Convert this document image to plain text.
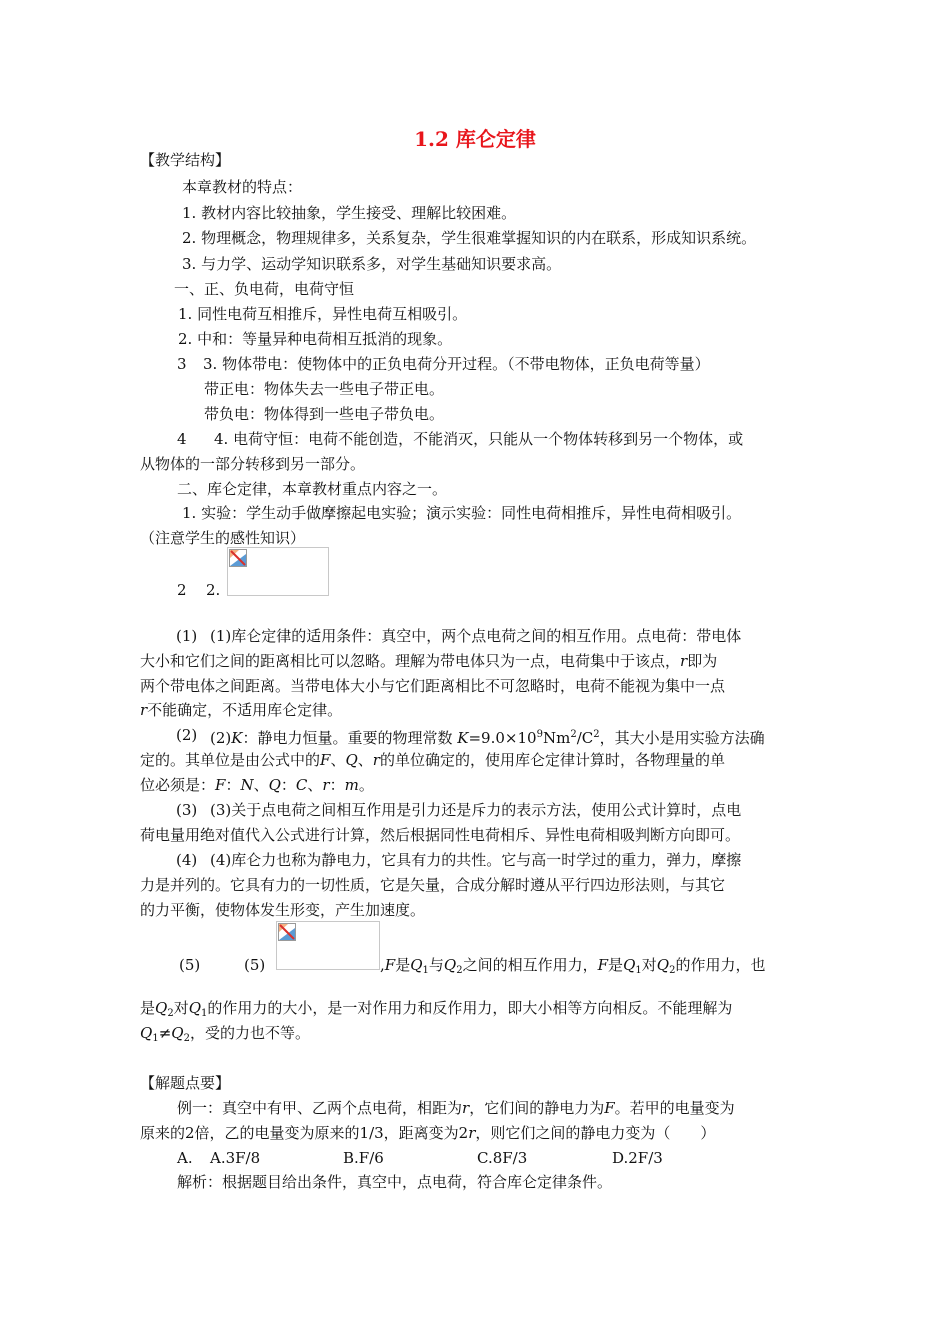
1.2 库仑定律
【教学结构】
本章教材的特点：
1. 教材内容比较抽象，学生接受、理解比较困难。
2. 物理概念，物理规律多，关系复杂，学生很难掌握知识的内在联系，形成知识系统。
3. 与力学、运动学知识联系多，对学生基础知识要求高。
一、正、负电荷，电荷守恒
1. 同性电荷互相推斥，异性电荷互相吸引。
2. 中和：等量异种电荷相互抵消的现象。
3 3. 物体带电：使物体中的正负电荷分开过程。（不带电物体，正负电荷等量）
带正电：物体失去一些电子带正电。
带负电：物体得到一些电子带负电。
4 4. 电荷守恒：电荷不能创造，不能消灭，只能从一个物体转移到另一个物体，或
从物体的一部分转移到另一部分。
二、库仑定律，本章教材重点内容之一。
1. 实验：学生动手做摩擦起电实验；演示实验：同性电荷相推斥，异性电荷相吸引。
（注意学生的感性知识）
2 2.
(1) (1)库仑定律的适用条件：真空中，两个点电荷之间的相互作用。点电荷：带电体
大小和它们之间的距离相比可以忽略。理解为带电体只为一点，电荷集中于该点，r即为
两个带电体之间距离。当带电体大小与它们距离相比不可忽略时，电荷不能视为集中一点
r不能确定，不适用库仑定律。
(2) (2)K：静电力恒量。重要的物理常数 $K=9.0\times 10^9Nm^2/C^2$，其大小是用实验方法确
定的。其单位是由公式中的F、Q、r的单位确定的，使用库仑定律计算时，各物理量的单
位必须是：F：N、Q：C、r：m。
(3) (3)关于点电荷之间相互作用是引力还是斥力的表示方法，使用公式计算时，点电
荷电量用绝对值代入公式进行计算，然后根据同性电荷相斥、异性电荷相吸判断方向即可。
(4) (4)库仑力也称为静电力，它具有力的共性。它与高一时学过的重力，弹力，摩擦
力是并列的。它具有力的一切性质，它是矢量，合成分解时遵从平行四边形法则，与其它
的力平衡，使物体发生形变，产生加速度。
(5)	(5)	,F是$Q_1$与$Q_2$之间的相互作用力，F是$Q_1$对$Q_2$的作用力，也
是$Q_2$对$Q_1$的作用力的大小，是一对作用力和反作用力，即大小相等方向相反。不能理解为
$Q_1\ne Q_2$，受的力也不等。
【解题点要】
例一：真空中有甲、乙两个点电荷，相距为r，它们间的静电力为F。若甲的电量变为
原来的2倍，乙的电量变为原来的1/3，距离变为2r，则它们之间的静电力变为（　　）
A. A.3F/8	B.F/6	C.8F/3	D.2F/3
解析：根据题目给出条件，真空中，点电荷，符合库仑定律条件。
